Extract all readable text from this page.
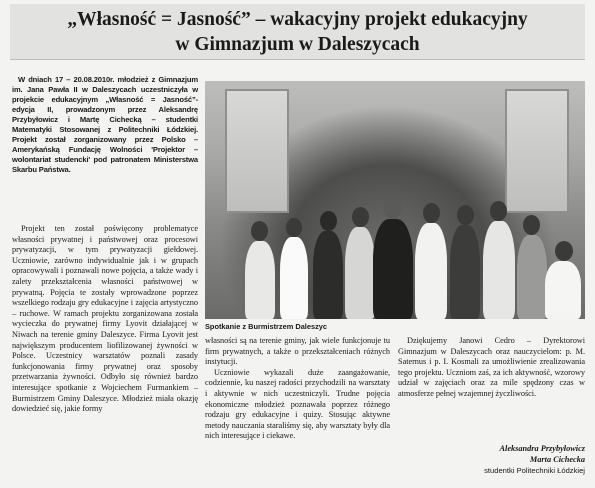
„Własność = Jasność” – wakacyjny projekt edukacyjny
w Gimnazjum w Daleszycach

W dniach 17 – 20.08.2010r. młodzież z Gimnazjum im. Jana Pawła II w Daleszycach uczestniczyła w projekcie edukacyjnym „Własność = Jasność”- edycja II, prowadzonym przez Aleksandrę Przybyłowicz i Martę Cichecką – studentki Matematyki Stosowanej z Politechniki Łódzkiej. Projekt został zorganizowany przez Polsko – Amerykańską Fundację Wolności 'Projektor – wolontariat studencki' pod patronatem Ministerstwa Skarbu Państwa.

Projekt ten został poświęcony problematyce własności prywatnej i państwowej oraz procesowi prywatyzacji, w tym prywatyzacji giełdowej. Uczniowie, zarówno indywidualnie jak i w grupach opracowywali i poznawali nowe pojęcia, a także wady i zalety przekształcenia własności państwowej w prywatną. Pojęcia te zostały wprowadzone poprzez wszelkiego rodzaju gry edukacyjne i zajęcia artystyczno – ruchowe. W ramach projektu zorganizowana została wycieczka do prywatnej firmy Lyovit działającej w Niwach na terenie gminy Daleszyce. Firma Lyovit jest największym producentem liofilizowanej żywności w Polsce. Uczestnicy warsztatów poznali zasady funkcjonowania firmy prywatnej oraz sposoby przetwarzania żywności. Odbyło się również bardzo interesujące spotkanie z Wojciechem Furmankiem – Burmistrzem Gminy Daleszyce. Młodzież miała okazję dowiedzieć się, jakie formy

Spotkanie z Burmistrzem Daleszyc

własności są na terenie gminy, jak wiele funkcjonuje tu firm prywatnych, a także o przekształceniach różnych instytucji.

Uczniowie wykazali duże zaangażowanie, codziennie, ku naszej radości przychodzili na warsztaty i aktywnie w nich uczestniczyli. Trudne pojęcia ekonomiczne młodzież poznawała poprzez różnego rodzaju gry edukacyjne i quizy. Stosując aktywne metody nauczania staraliśmy się, aby warsztaty były dla nich interesujące i ciekawe.

Dziękujemy Janowi Cedro – Dyrektorowi Gimnazjum w Daleszycach oraz nauczycielom: p. M. Saternus i p. I. Kosmali za umożliwienie zrealizowania tego projektu. Uczniom zaś, za ich aktywność, wzorowy udział w zajęciach oraz za mile spędzony czas w atmosferze pełnej wzajemnej życzliwości.

Aleksandra Przybyłowicz
Marta Cichecka
studentki Politechniki Łódzkiej
